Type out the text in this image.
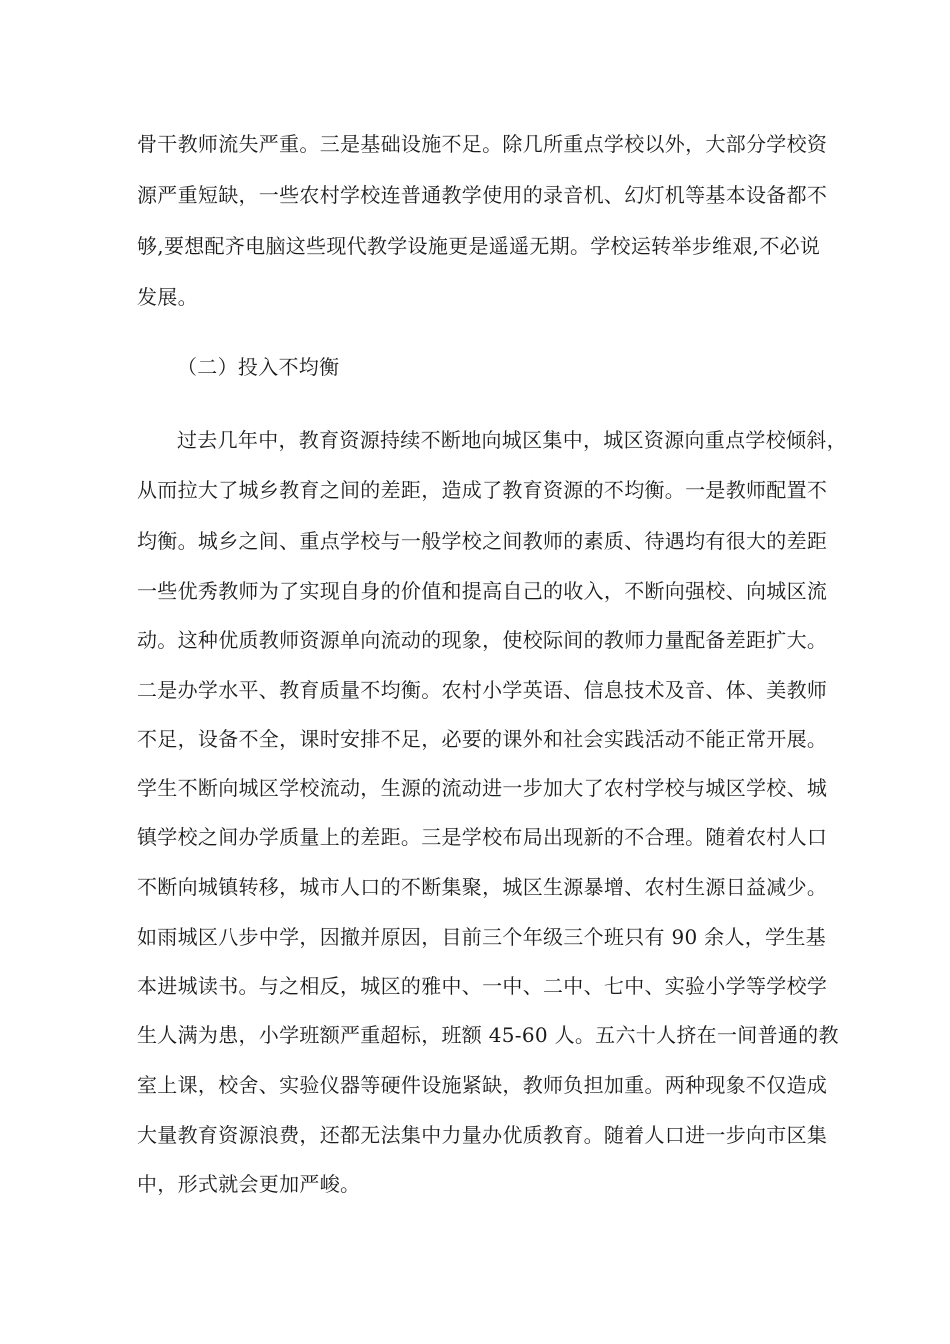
骨干教师流失严重。三是基础设施不足。除几所重点学校以外，大部分学校资
源严重短缺，一些农村学校连普通教学使用的录音机、幻灯机等基本设备都不
够,要想配齐电脑这些现代教学设施更是遥遥无期。学校运转举步维艰,不必说
发展。
（二）投入不均衡
过去几年中，教育资源持续不断地向城区集中，城区资源向重点学校倾斜，
从而拉大了城乡教育之间的差距，造成了教育资源的不均衡。一是教师配置不
均衡。城乡之间、重点学校与一般学校之间教师的素质、待遇均有很大的差距
一些优秀教师为了实现自身的价值和提高自己的收入，不断向强校、向城区流
动。这种优质教师资源单向流动的现象，使校际间的教师力量配备差距扩大。
二是办学水平、教育质量不均衡。农村小学英语、信息技术及音、体、美教师
不足，设备不全，课时安排不足，必要的课外和社会实践活动不能正常开展。
学生不断向城区学校流动，生源的流动进一步加大了农村学校与城区学校、城
镇学校之间办学质量上的差距。三是学校布局出现新的不合理。随着农村人口
不断向城镇转移，城市人口的不断集聚，城区生源暴增、农村生源日益减少。
如雨城区八步中学，因撤并原因，目前三个年级三个班只有 90 余人，学生基
本进城读书。与之相反，城区的雅中、一中、二中、七中、实验小学等学校学
生人满为患，小学班额严重超标，班额 45-60 人。五六十人挤在一间普通的教
室上课，校舍、实验仪器等硬件设施紧缺，教师负担加重。两种现象不仅造成
大量教育资源浪费，还都无法集中力量办优质教育。随着人口进一步向市区集
中，形式就会更加严峻。
